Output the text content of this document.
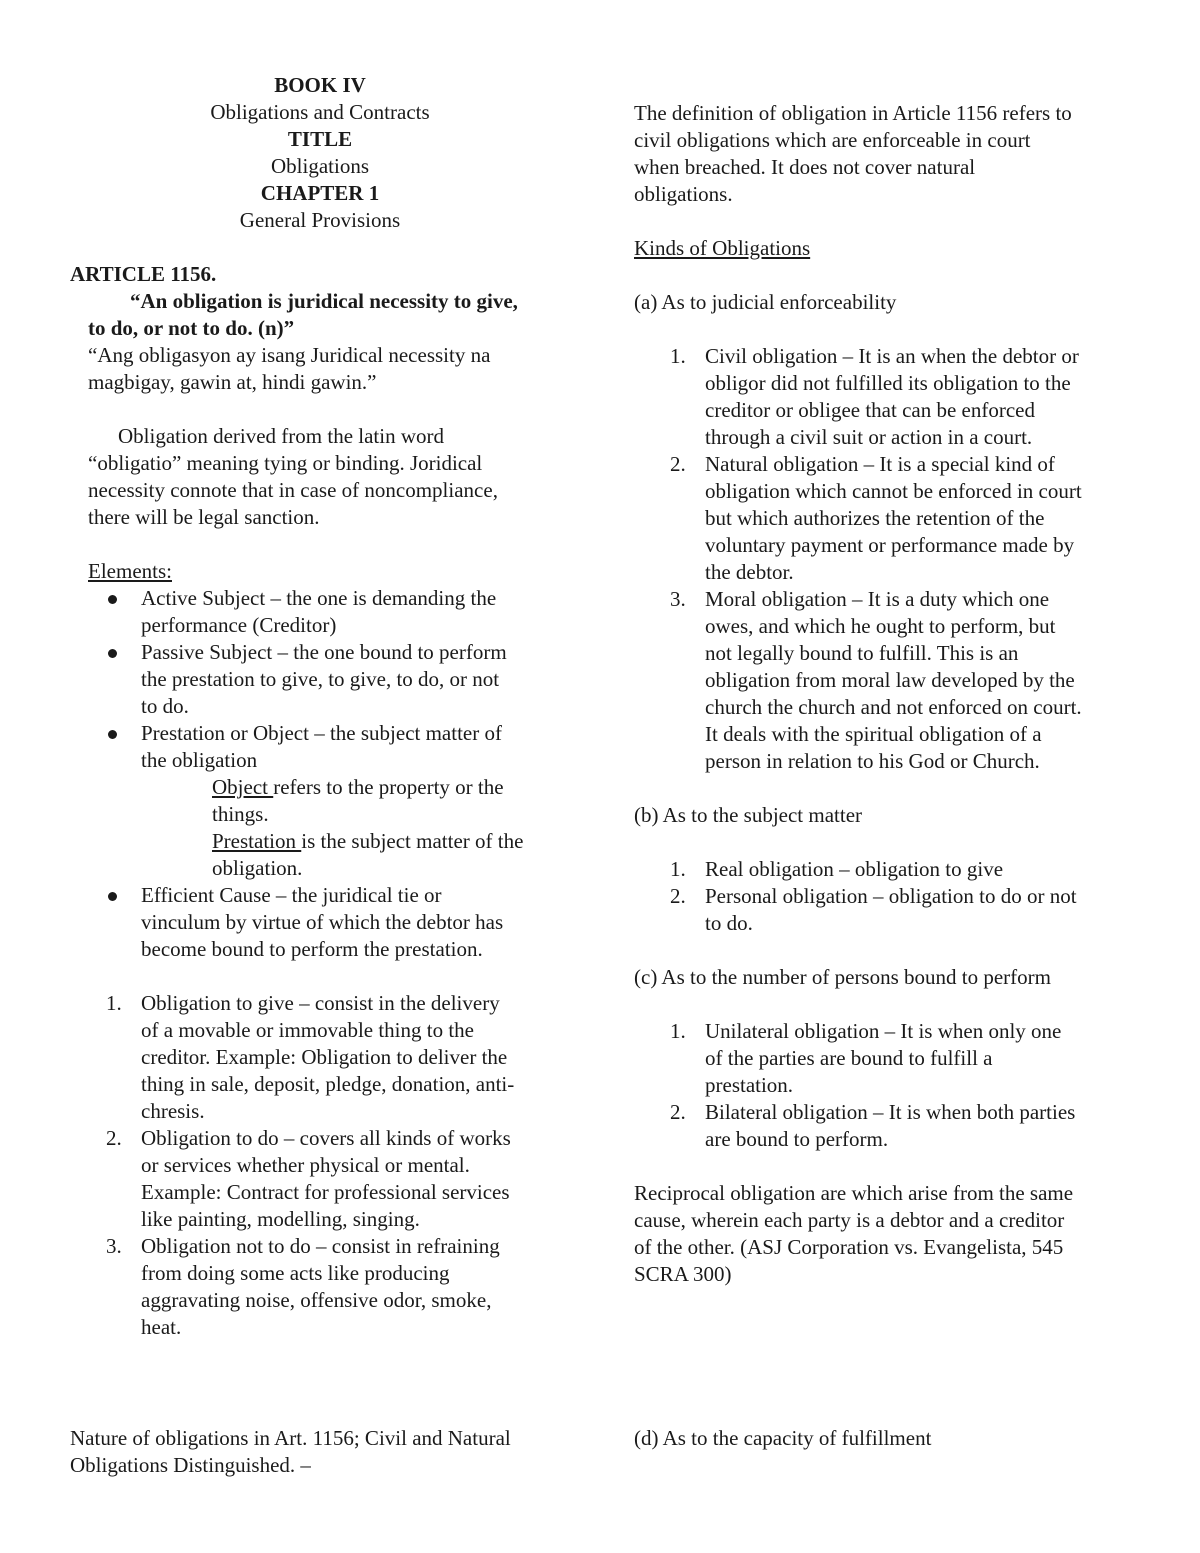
BOOK IV

Obligations and Contracts

TITLE

Obligations

CHAPTER 1

General Provisions

ARTICLE 1156.

“An obligation is juridical necessity to give,

to do, or not to do. (n)”

“Ang obligasyon ay isang Juridical necessity na

magbigay, gawin at, hindi gawin.”

Obligation derived from the latin word

“obligatio” meaning tying or binding. Joridical

necessity connote that in case of noncompliance,

there will be legal sanction.

Elements:

Active Subject – the one is demanding the
performance (Creditor)
Passive Subject – the one bound to perform
the prestation to give, to give, to do, or not
to do.
Prestation or Object – the subject matter of
the obligation

Object refers to the property or the

things.

Prestation is the subject matter of the

obligation.

Efficient Cause – the juridical tie or
vinculum by virtue of which the debtor has
become bound to perform the prestation.
1. Obligation to give – consist in the delivery
of a movable or immovable thing to the
creditor. Example: Obligation to deliver the
thing in sale, deposit, pledge, donation, anti-
chresis.
2. Obligation to do – covers all kinds of works
or services whether physical or mental.
Example: Contract for professional services
like painting, modelling, singing.
3. Obligation not to do – consist in refraining
from doing some acts like producing
aggravating noise, offensive odor, smoke,
heat.

The definition of obligation in Article 1156 refers to

civil obligations which are enforceable in court

when breached. It does not cover natural

obligations.

Kinds of Obligations

(a) As to judicial enforceability

1. Civil obligation – It is an when the debtor or
obligor did not fulfilled its obligation to the
creditor or obligee that can be enforced
through a civil suit or action in a court.
2. Natural obligation – It is a special kind of
obligation which cannot be enforced in court
but which authorizes the retention of the
voluntary payment or performance made by
the debtor.
3. Moral obligation – It is a duty which one
owes, and which he ought to perform, but
not legally bound to fulfill. This is an
obligation from moral law developed by the
church the church and not enforced on court.
It deals with the spiritual obligation of a
person in relation to his God or Church.

(b) As to the subject matter

1. Real obligation – obligation to give
2. Personal obligation – obligation to do or not
to do.

(c) As to the number of persons bound to perform

1. Unilateral obligation – It is when only one
of the parties are bound to fulfill a
prestation.
2. Bilateral obligation – It is when both parties
are bound to perform.

Reciprocal obligation are which arise from the same

cause, wherein each party is a debtor and a creditor

of the other. (ASJ Corporation vs. Evangelista, 545

SCRA 300)

Nature of obligations in Art. 1156; Civil and Natural

Obligations Distinguished. –

(d) As to the capacity of fulfillment
